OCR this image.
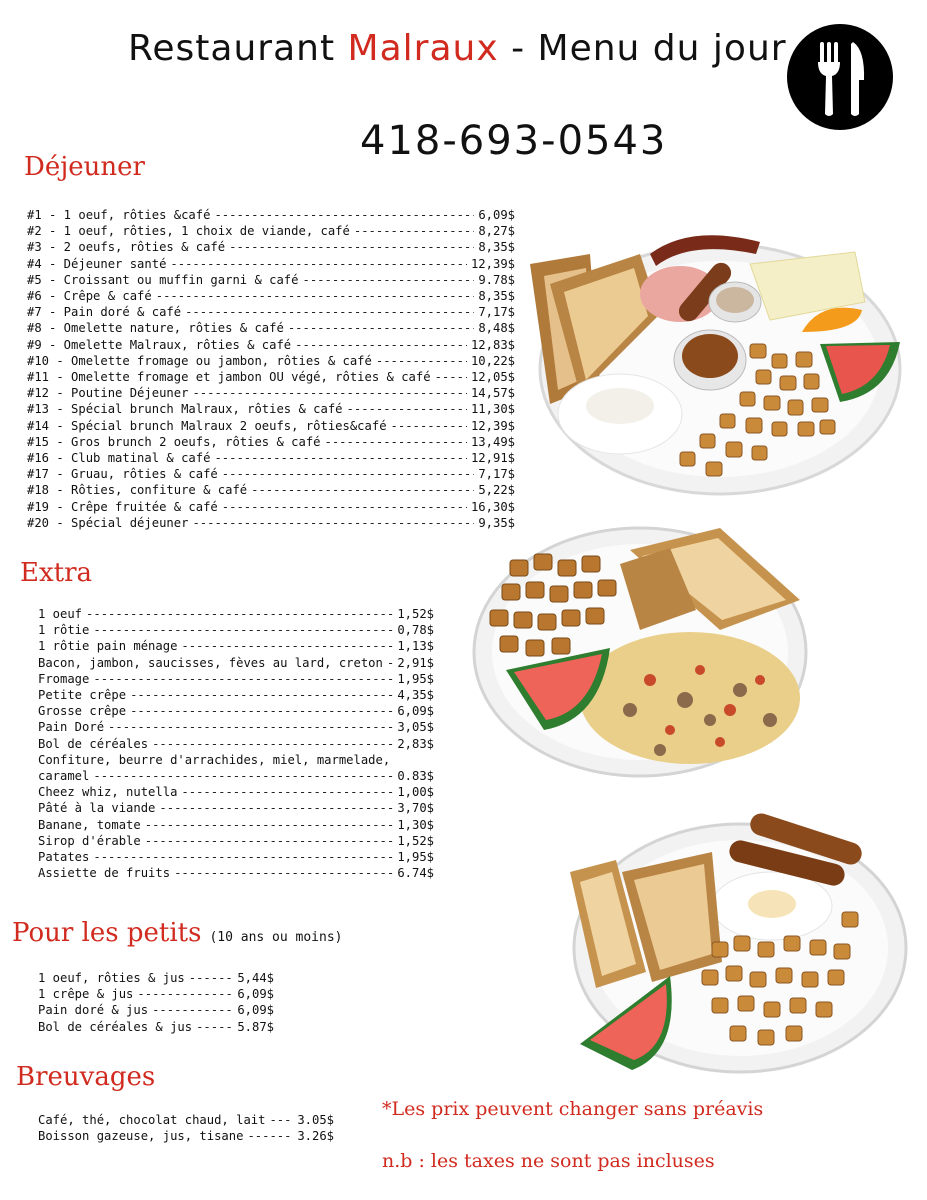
Restaurant Malraux - Menu du jour
418-693-0543
Déjeuner
#1 - 1 oeuf, rôties &café -----	6,09$
#2 - 1 oeuf, rôties, 1 choix de viande, café -----	8,27$
#3 - 2 oeufs, rôties & café -----	8,35$
#4 - Déjeuner santé -----	12,39$
#5 - Croissant ou muffin garni & café -----	9.78$
#6 - Crêpe & café -----	8,35$
#7 - Pain doré & café -----	7,17$
#8 - Omelette nature, rôties & café -----	8,48$
#9 - Omelette Malraux, rôties & café -----	12,83$
#10 - Omelette fromage ou jambon, rôties & café -----	10,22$
#11 - Omelette fromage et jambon OU végé, rôties & café -----	12,05$
#12 - Poutine Déjeuner -----	14,57$
#13 - Spécial brunch Malraux, rôties & café -----	11,30$
#14 - Spécial brunch Malraux 2 oeufs, rôties&café -----	12,39$
#15 - Gros brunch 2 oeufs, rôties & café -----	13,49$
#16 - Club matinal & café -----	12,91$
#17 - Gruau, rôties & café -----	7,17$
#18 - Rôties, confiture & café -----	5,22$
#19 - Crêpe fruitée & café -----	16,30$
#20 - Spécial déjeuner -----	9,35$
Extra
1 oeuf -----	1,52$
1 rôtie -----	0,78$
1 rôtie pain ménage -----	1,13$
Bacon, jambon, saucisses, fèves au lard, creton ----- 2,91$
Fromage -----	1,95$
Petite crêpe -----	4,35$
Grosse crêpe -----	6,09$
Pain Doré -----	3,05$
Bol de céréales -----	2,83$
Confiture, beurre d'arrachides, miel, marmelade,
caramel -----	0.83$
Cheez whiz, nutella -----	1,00$
Pâté à la viande -----	3,70$
Banane, tomate -----	1,30$
Sirop d'érable -----	1,52$
Patates -----	1,95$
Assiette de fruits -----	6.74$
Pour les petits (10 ans ou moins)
1 oeuf, rôties & jus -----	5,44$
1 crêpe & jus -----	6,09$
Pain doré & jus -----	6,09$
Bol de céréales & jus -----	5.87$
Breuvages
Café, thé, chocolat chaud, lait -----	3.05$
Boisson gazeuse, jus, tisane -----	3.26$
*Les prix peuvent changer sans préavis
n.b : les taxes ne sont pas incluses
